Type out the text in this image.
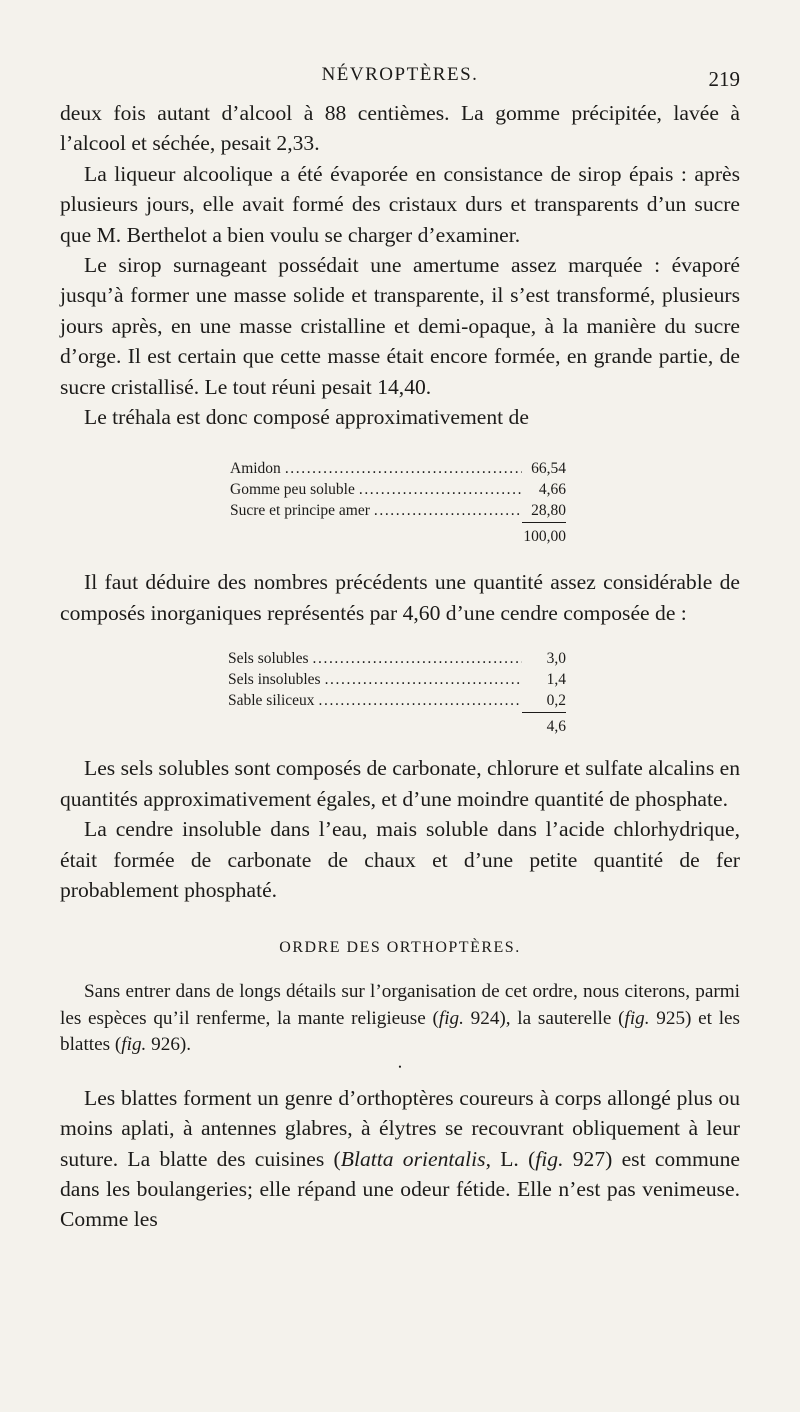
NÉVROPTÈRES.	219

deux fois autant d’alcool à 88 centièmes. La gomme précipitée, lavée à l’alcool et séchée, pesait 2,33.

La liqueur alcoolique a été évaporée en consistance de sirop épais : après plusieurs jours, elle avait formé des cristaux durs et transparents d’un sucre que M. Berthelot a bien voulu se charger d’examiner.

Le sirop surnageant possédait une amertume assez marquée : évaporé jusqu’à former une masse solide et transparente, il s’est transformé, plusieurs jours après, en une masse cristalline et demi-opaque, à la manière du sucre d’orge. Il est certain que cette masse était encore formée, en grande partie, de sucre cristallisé. Le tout réuni pesait 14,40.

Le tréhala est donc composé approximativement de

Amidon .....	66,54
Gomme peu soluble .....	4,66
Sucre et principe amer .....	28,80
100,00

Il faut déduire des nombres précédents une quantité assez considérable de composés inorganiques représentés par 4,60 d’une cendre composée de :

Sels solubles .....	3,0
Sels insolubles .....	1,4
Sable siliceux .....	0,2
4,6

Les sels solubles sont composés de carbonate, chlorure et sulfate alcalins en quantités approximativement égales, et d’une moindre quantité de phosphate.

La cendre insoluble dans l’eau, mais soluble dans l’acide chlorhydrique, était formée de carbonate de chaux et d’une petite quantité de fer probablement phosphaté.

ORDRE DES ORTHOPTÈRES.

Sans entrer dans de longs détails sur l’organisation de cet ordre, nous citerons, parmi les espèces qu’il renferme, la mante religieuse (fig. 924), la sauterelle (fig. 925) et les blattes (fig. 926).

•

Les blattes forment un genre d’orthoptères coureurs à corps allongé plus ou moins aplati, à antennes glabres, à élytres se recouvrant obliquement à leur suture. La blatte des cuisines (Blatta orientalis, L. (fig. 927) est commune dans les boulangeries; elle répand une odeur fétide. Elle n’est pas venimeuse. Comme les
